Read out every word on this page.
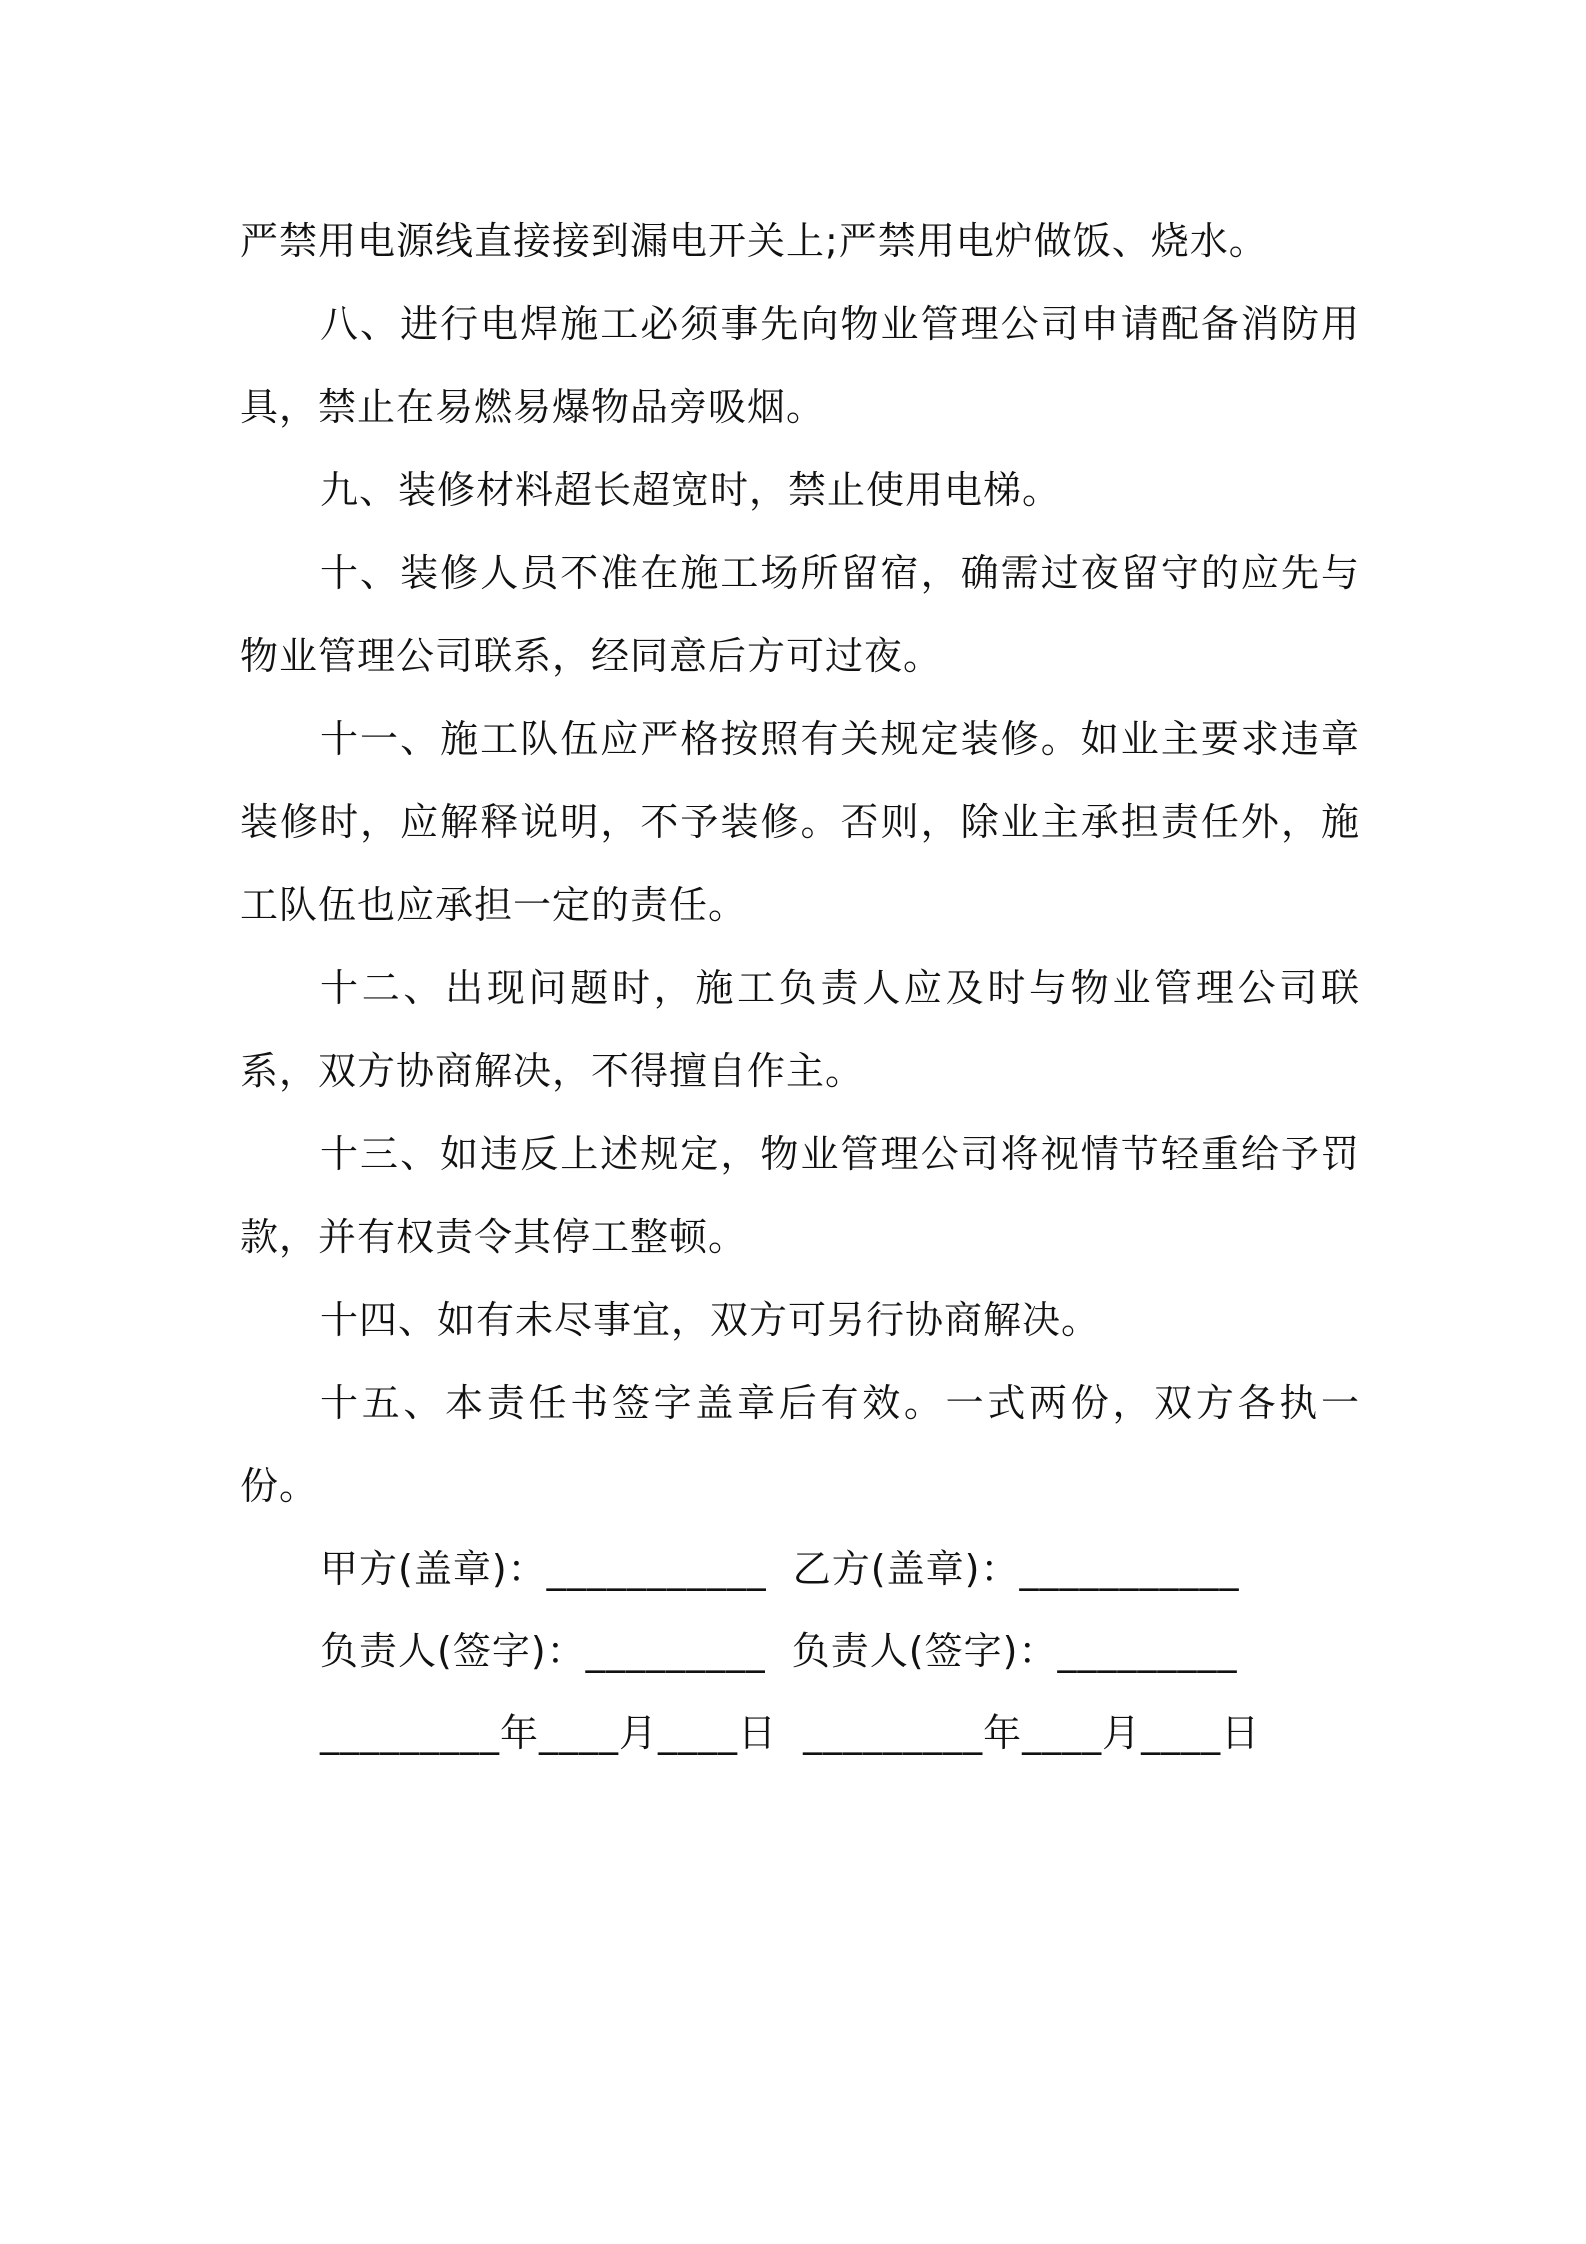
严禁用电源线直接接到漏电开关上;严禁用电炉做饭、烧水。

八、进行电焊施工必须事先向物业管理公司申请配备消防用具，禁止在易燃易爆物品旁吸烟。

九、装修材料超长超宽时，禁止使用电梯。

十、装修人员不准在施工场所留宿，确需过夜留守的应先与物业管理公司联系，经同意后方可过夜。

十一、施工队伍应严格按照有关规定装修。如业主要求违章装修时，应解释说明，不予装修。否则，除业主承担责任外，施工队伍也应承担一定的责任。

十二、出现问题时，施工负责人应及时与物业管理公司联系，双方协商解决，不得擅自作主。

十三、如违反上述规定，物业管理公司将视情节轻重给予罚款，并有权责令其停工整顿。

十四、如有未尽事宜，双方可另行协商解决。

十五、本责任书签字盖章后有效。一式两份，双方各执一份。

甲方(盖章)：___________  乙方(盖章)：___________
负责人(签字)：_________  负责人(签字)：_________
_________年____月____日  _________年____月____日
